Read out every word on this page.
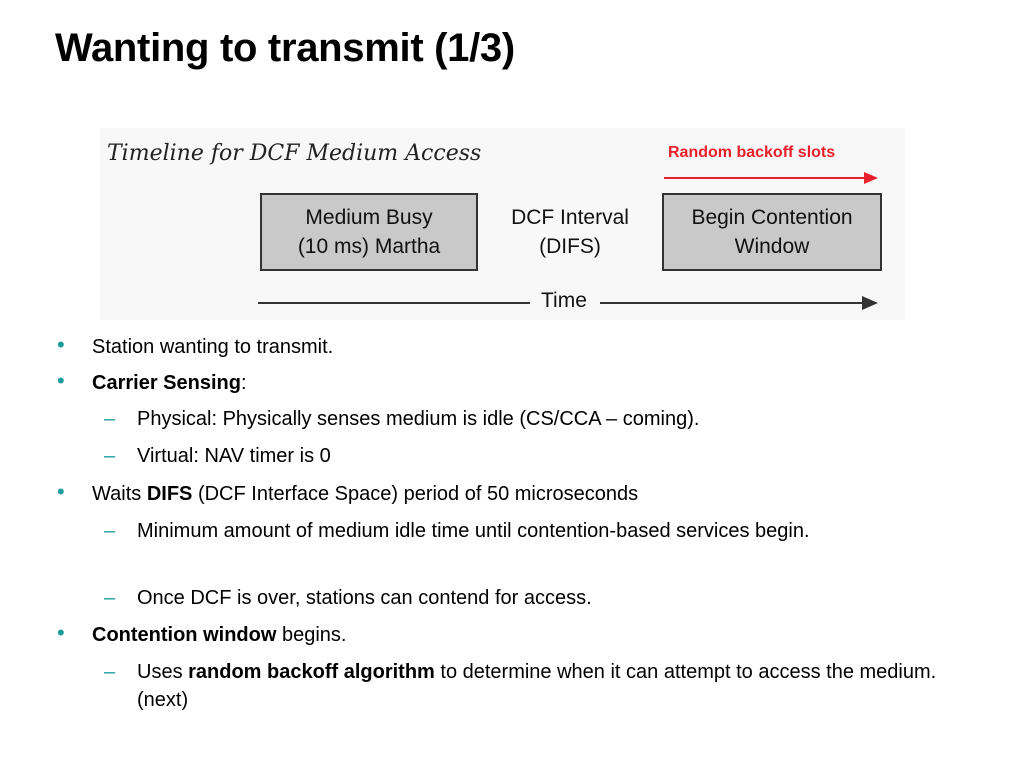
Wanting to transmit (1/3)
Timeline for DCF Medium Access
Medium Busy
(10 ms) Martha
DCF Interval
(DIFS)
Begin Contention
Window
Time
Random backoff slots
• Station wanting to transmit.
• Carrier Sensing:
– Physical: Physically senses medium is idle (CS/CCA – coming).
– Virtual: NAV timer is 0
• Waits DIFS (DCF Interface Space) period of 50 microseconds
– Minimum amount of medium idle time until contention-based services begin.
– Once DCF is over, stations can contend for access.
• Contention window begins.
– Uses random backoff algorithm to determine when it can attempt to access the medium. (next)
